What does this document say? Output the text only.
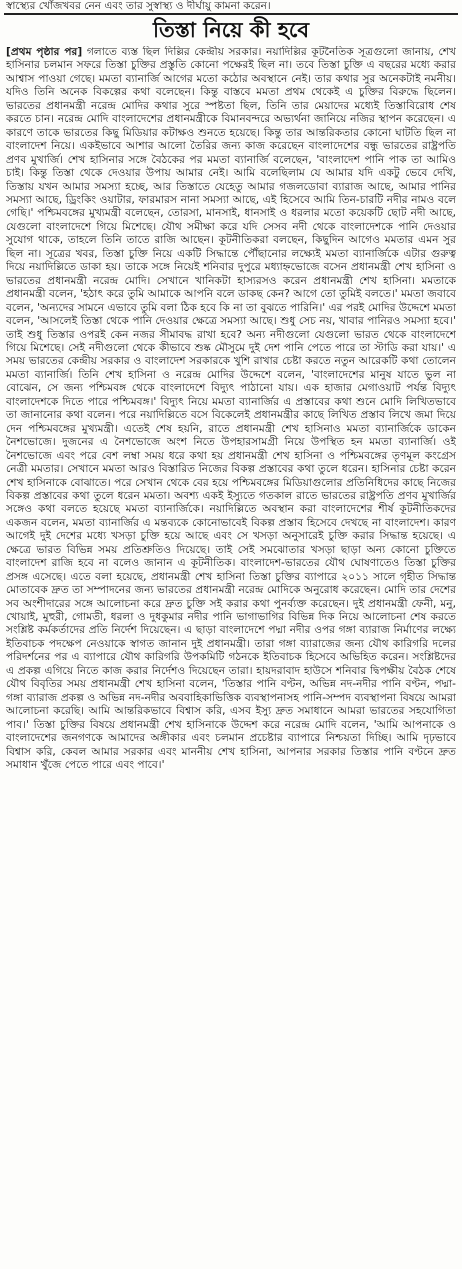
স্বাস্থ্যের খোঁজখবর নেন এবং তার সুস্বাস্থ্য ও দীর্ঘায়ু কামনা করেন।
তিস্তা নিয়ে কী হবে

[প্রথম পৃষ্ঠার পর] গলাতে ব্যস্ত ছিল দিল্লির কেন্দ্রীয় সরকার। নয়াদিল্লির কূটনৈতিক সূত্রগুলো জানায়, শেখ হাসিনার চলমান সফরে তিস্তা চুক্তির প্রস্তুতি কোনো পক্ষেরই ছিল না। তবে তিস্তা চুক্তি এ বছরের মধ্যে করার আশ্বাস পাওয়া গেছে। মমতা ব্যানার্জি আগের মতো কঠোর অবস্থানে নেই। তার কথার সুর অনেকটাই নমনীয়। যদিও তিনি অনেক বিকল্পের কথা বলেছেন। কিন্তু বাস্তবে মমতা প্রথম থেকেই এ চুক্তির বিরুদ্ধে ছিলেন। ভারতের প্রধানমন্ত্রী নরেন্দ্র মোদির কথার সুরে স্পষ্টতা ছিল, তিনি তার মেয়াদের মধ্যেই তিস্তাবিরোধ শেষ করতে চান। নরেন্দ্র মোদি বাংলাদেশের প্রধানমন্ত্রীকে বিমানবন্দরে অভ্যর্থনা জানিয়ে নজির স্থাপন করেছেন। এ কারণে তাকে ভারতের কিছু মিডিয়ার কটাক্ষও শুনতে হয়েছে। কিন্তু তার আন্তরিকতার কোনো ঘাটতি ছিল না বাংলাদেশ নিয়ে। একইভাবে আশার আলো তৈরির জন্য কাজ করেছেন বাংলাদেশের বন্ধু ভারতের রাষ্ট্রপতি প্রণব মুখার্জি। শেখ হাসিনার সঙ্গে বৈঠকের পর মমতা ব্যানার্জি বলেছেন, 'বাংলাদেশ পানি পাক তা আমিও চাই। কিন্তু তিস্তা থেকে দেওয়ার উপায় আমার নেই। আমি বলেছিলাম যে আমার যদি একটু ভেবে দেখি, তিস্তায় যখন আমার সমস্যা হচ্ছে, আর তিস্তাতে যেহেতু আমার গজলডোবা ব্যারাজ আছে, আমার পানির সমস্যা আছে, ড্রিংকিং ওয়াটার, ফারমারস নানা সমস্যা আছে, এই হিসেবে আমি তিন-চারটি নদীর নামও বলে গেছি।' পশ্চিমবঙ্গের মুখ্যমন্ত্রী বলেছেন, তোরসা, মানসাই, ধানসাই ও ধরলার মতো কয়েকটি ছোট নদী আছে, যেগুলো বাংলাদেশে গিয়ে মিশেছে। যৌথ সমীক্ষা করে যদি সেসব নদী থেকে বাংলাদেশকে পানি দেওয়ার সুযোগ থাকে, তাহলে তিনি তাতে রাজি আছেন। কূটনীতিকরা বলছেন, কিছুদিন আগেও মমতার এমন সুর ছিল না। সূত্রের খবর, তিস্তা চুক্তি নিয়ে একটি সিদ্ধান্তে পৌঁছানোর লক্ষ্যেই মমতা ব্যানার্জিকে এটার গুরুত্ব দিয়ে নয়াদিল্লিতে ডাকা হয়। তাকে সঙ্গে নিয়েই শনিবার দুপুরে মধ্যাহ্নভোজে বসেন প্রধানমন্ত্রী শেখ হাসিনা ও ভারতের প্রধানমন্ত্রী নরেন্দ্র মোদি। সেখানে খানিকটা হাস্যরসও করেন প্রধানমন্ত্রী শেখ হাসিনা। মমতাকে প্রধানমন্ত্রী বলেন, 'হঠাৎ করে তুমি আমাকে আপনি বলে ডাকছ কেন? আগে তো তুমিই বলতে।' মমতা জবাবে বলেন, 'অন্যদের সামনে এভাবে তুমি বলা ঠিক হবে কি না তা বুঝতে পারিনি।' এর পরই মোদির উদ্দেশে মমতা বলেন, 'আসলেই তিস্তা থেকে পানি দেওয়ার ক্ষেত্রে সমস্যা আছে। শুধু সেচ নয়, খাবার পানিরও সমস্যা হবে।' তাই শুধু তিস্তার ওপরই কেন নজর সীমাবদ্ধ রাখা হবে? অন্য নদীগুলো যেগুলো ভারত থেকে বাংলাদেশে গিয়ে মিশেছে। সেই নদীগুলো থেকে কীভাবে শুষ্ক মৌসুমে দুই দেশ পানি পেতে পারে তা স্টাডি করা যায়।' এ সময় ভারতের কেন্দ্রীয় সরকার ও বাংলাদেশ সরকারকে খুশি রাখার চেষ্টা করতে নতুন আরেকটি কথা তোলেন মমতা ব্যানার্জি। তিনি শেখ হাসিনা ও নরেন্দ্র মোদির উদ্দেশে বলেন, 'বাংলাদেশের মানুষ যাতে ভুল না বোঝেন, সে জন্য পশ্চিমবঙ্গ থেকে বাংলাদেশে বিদ্যুৎ পাঠানো যায়। এক হাজার মেগাওয়াট পর্যন্ত বিদ্যুৎ বাংলাদেশকে দিতে পারে পশ্চিমবঙ্গ।' বিদ্যুৎ নিয়ে মমতা ব্যানার্জির এ প্রস্তাবের কথা শুনে মোদি লিখিতভাবে তা জানানোর কথা বলেন। পরে নয়াদিল্লিতে বসে বিকেলেই প্রধানমন্ত্রীর কাছে লিখিত প্রস্তাব লিখে জমা দিয়ে দেন পশ্চিমবঙ্গের মুখ্যমন্ত্রী। এতেই শেষ হয়নি, রাতে প্রধানমন্ত্রী শেখ হাসিনাও মমতা ব্যানার্জিকে ডাকেন নৈশভোজে। দুজনের এ নৈশভোজে অংশ নিতে উপহারসামগ্রী নিয়ে উপস্থিত হন মমতা ব্যানার্জি। ওই নৈশভোজে এবং পরে বেশ লম্বা সময় ধরে কথা হয় প্রধানমন্ত্রী শেখ হাসিনা ও পশ্চিমবঙ্গের তৃণমূল কংগ্রেস নেত্রী মমতার। সেখানে মমতা আরও বিস্তারিত নিজের বিকল্প প্রস্তাবের কথা তুলে ধরেন। হাসিনার চেষ্টা করেন শেখ হাসিনাকে বোঝাতে। পরে সেখান থেকে বের হয়ে পশ্চিমবঙ্গের মিডিয়াগুলোর প্রতিনিধিদের কাছে নিজের বিকল্প প্রস্তাবের কথা তুলে ধরেন মমতা। অবশ্য একই ইস্যুতে গতকাল রাতে ভারতের রাষ্ট্রপতি প্রণব মুখার্জির সঙ্গেও কথা বলতে হয়েছে মমতা ব্যানার্জিকে। নয়াদিল্লিতে অবস্থান করা বাংলাদেশের শীর্ষ কূটনীতিকদের একজন বলেন, মমতা ব্যানার্জির এ মন্তব্যকে কোনোভাবেই বিকল্প প্রস্তাব হিসেবে দেখছে না বাংলাদেশ। কারণ আগেই দুই দেশের মধ্যে খসড়া চুক্তি হয়ে আছে এবং সে খসড়া অনুসারেই চুক্তি করার সিদ্ধান্ত হয়েছে। এ ক্ষেত্রে ভারত বিভিন্ন সময় প্রতিশ্রুতিও দিয়েছে। তাই সেই সমঝোতার খসড়া ছাড়া অন্য কোনো চুক্তিতে বাংলাদেশ রাজি হবে না বলেও জানান এ কূটনীতিক। বাংলাদেশ-ভারতের যৌথ ঘোষণাতেও তিস্তা চুক্তির প্রসঙ্গ এসেছে। এতে বলা হয়েছে, প্রধানমন্ত্রী শেখ হাসিনা তিস্তা চুক্তির ব্যাপারে ২০১১ সালে গৃহীত সিদ্ধান্ত মোতাবেক দ্রুত তা সম্পাদনের জন্য ভারতের প্রধানমন্ত্রী নরেন্দ্র মোদিকে অনুরোধ করেছেন। মোদি তার দেশের সব অংশীদারের সঙ্গে আলোচনা করে দ্রুত চুক্তি সই করার কথা পুনর্ব্যক্ত করেছেন। দুই প্রধানমন্ত্রী ফেনী, মনু, খোয়াই, মুহুরী, গোমতী, ধরলা ও দুধকুমার নদীর পানি ভাগাভাগির বিভিন্ন দিক নিয়ে আলোচনা শেষ করতে সংশ্লিষ্ট কর্মকর্তাদের প্রতি নির্দেশ দিয়েছেন। এ ছাড়া বাংলাদেশে পদ্মা নদীর ওপর গঙ্গা ব্যারাজ নির্মাণের লক্ষ্যে ইতিবাচক পদক্ষেপ নেওয়াকে স্বাগত জানান দুই প্রধানমন্ত্রী। তারা গঙ্গা ব্যারাজের জন্য যৌথ কারিগরি দলের পরিদর্শনের পর এ ব্যাপারে যৌথ কারিগরি উপকমিটি গঠনকে ইতিবাচক হিসেবে অভিহিত করেন। সংশ্লিষ্টদের এ প্রকল্প এগিয়ে নিতে কাজ করার নির্দেশও দিয়েছেন তারা। হায়দরাবাদ হাউসে শনিবার দ্বিপক্ষীয় বৈঠক শেষে যৌথ বিবৃতির সময় প্রধানমন্ত্রী শেখ হাসিনা বলেন, 'তিস্তার পানি বণ্টন, অভিন্ন নদ-নদীর পানি বণ্টন, পদ্মা-গঙ্গা ব্যারাজ প্রকল্প ও অভিন্ন নদ-নদীর অববাহিকাভিত্তিক ব্যবস্থাপনাসহ পানি-সম্পদ ব্যবস্থাপনা বিষয়ে আমরা আলোচনা করেছি। আমি আন্তরিকভাবে বিশ্বাস করি, এসব ইস্যু দ্রুত সমাধানে আমরা ভারতের সহযোগিতা পাব।' তিস্তা চুক্তির বিষয়ে প্রধানমন্ত্রী শেখ হাসিনাকে উদ্দেশ করে নরেন্দ্র মোদি বলেন, 'আমি আপনাকে ও বাংলাদেশের জনগণকে আমাদের অঙ্গীকার এবং চলমান প্রচেষ্টার ব্যাপারে নিশ্চয়তা দিচ্ছি। আমি দৃঢ়ভাবে বিশ্বাস করি, কেবল আমার সরকার এবং মাননীয় শেখ হাসিনা, আপনার সরকার তিস্তার পানি বণ্টনে দ্রুত সমাধান খুঁজে পেতে পারে এবং পাবে।'
